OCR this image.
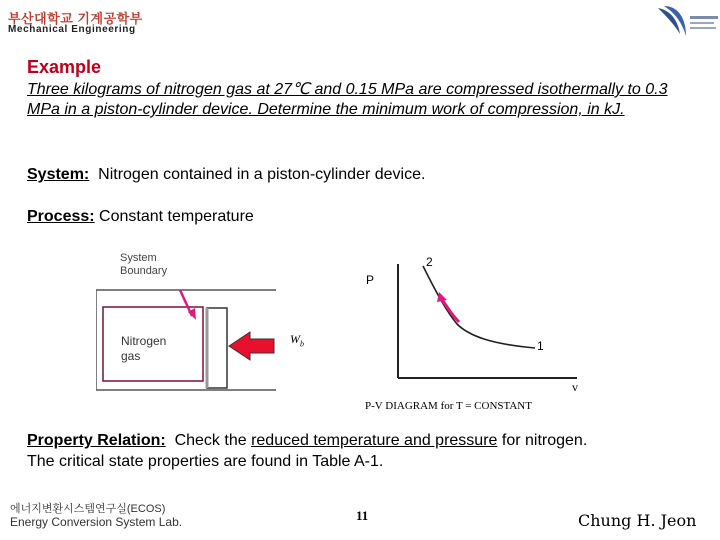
부산대학교 기계공학부
Mechanical Engineering
Example
Three kilograms of nitrogen gas at 27℃ and 0.15 MPa are compressed isothermally to 0.3 MPa in a piston-cylinder device. Determine the minimum work of compression, in kJ.
System: Nitrogen contained in a piston-cylinder device.
Process: Constant temperature
System Boundary
Nitrogen gas
$W_b$
P
2
1
v
P-V DIAGRAM for T = CONSTANT
Property Relation: Check the reduced temperature and pressure for nitrogen.
The critical state properties are found in Table A-1.
에너지변환시스템연구실(ECOS)
Energy Conversion System Lab.	11	Chung H. Jeon
